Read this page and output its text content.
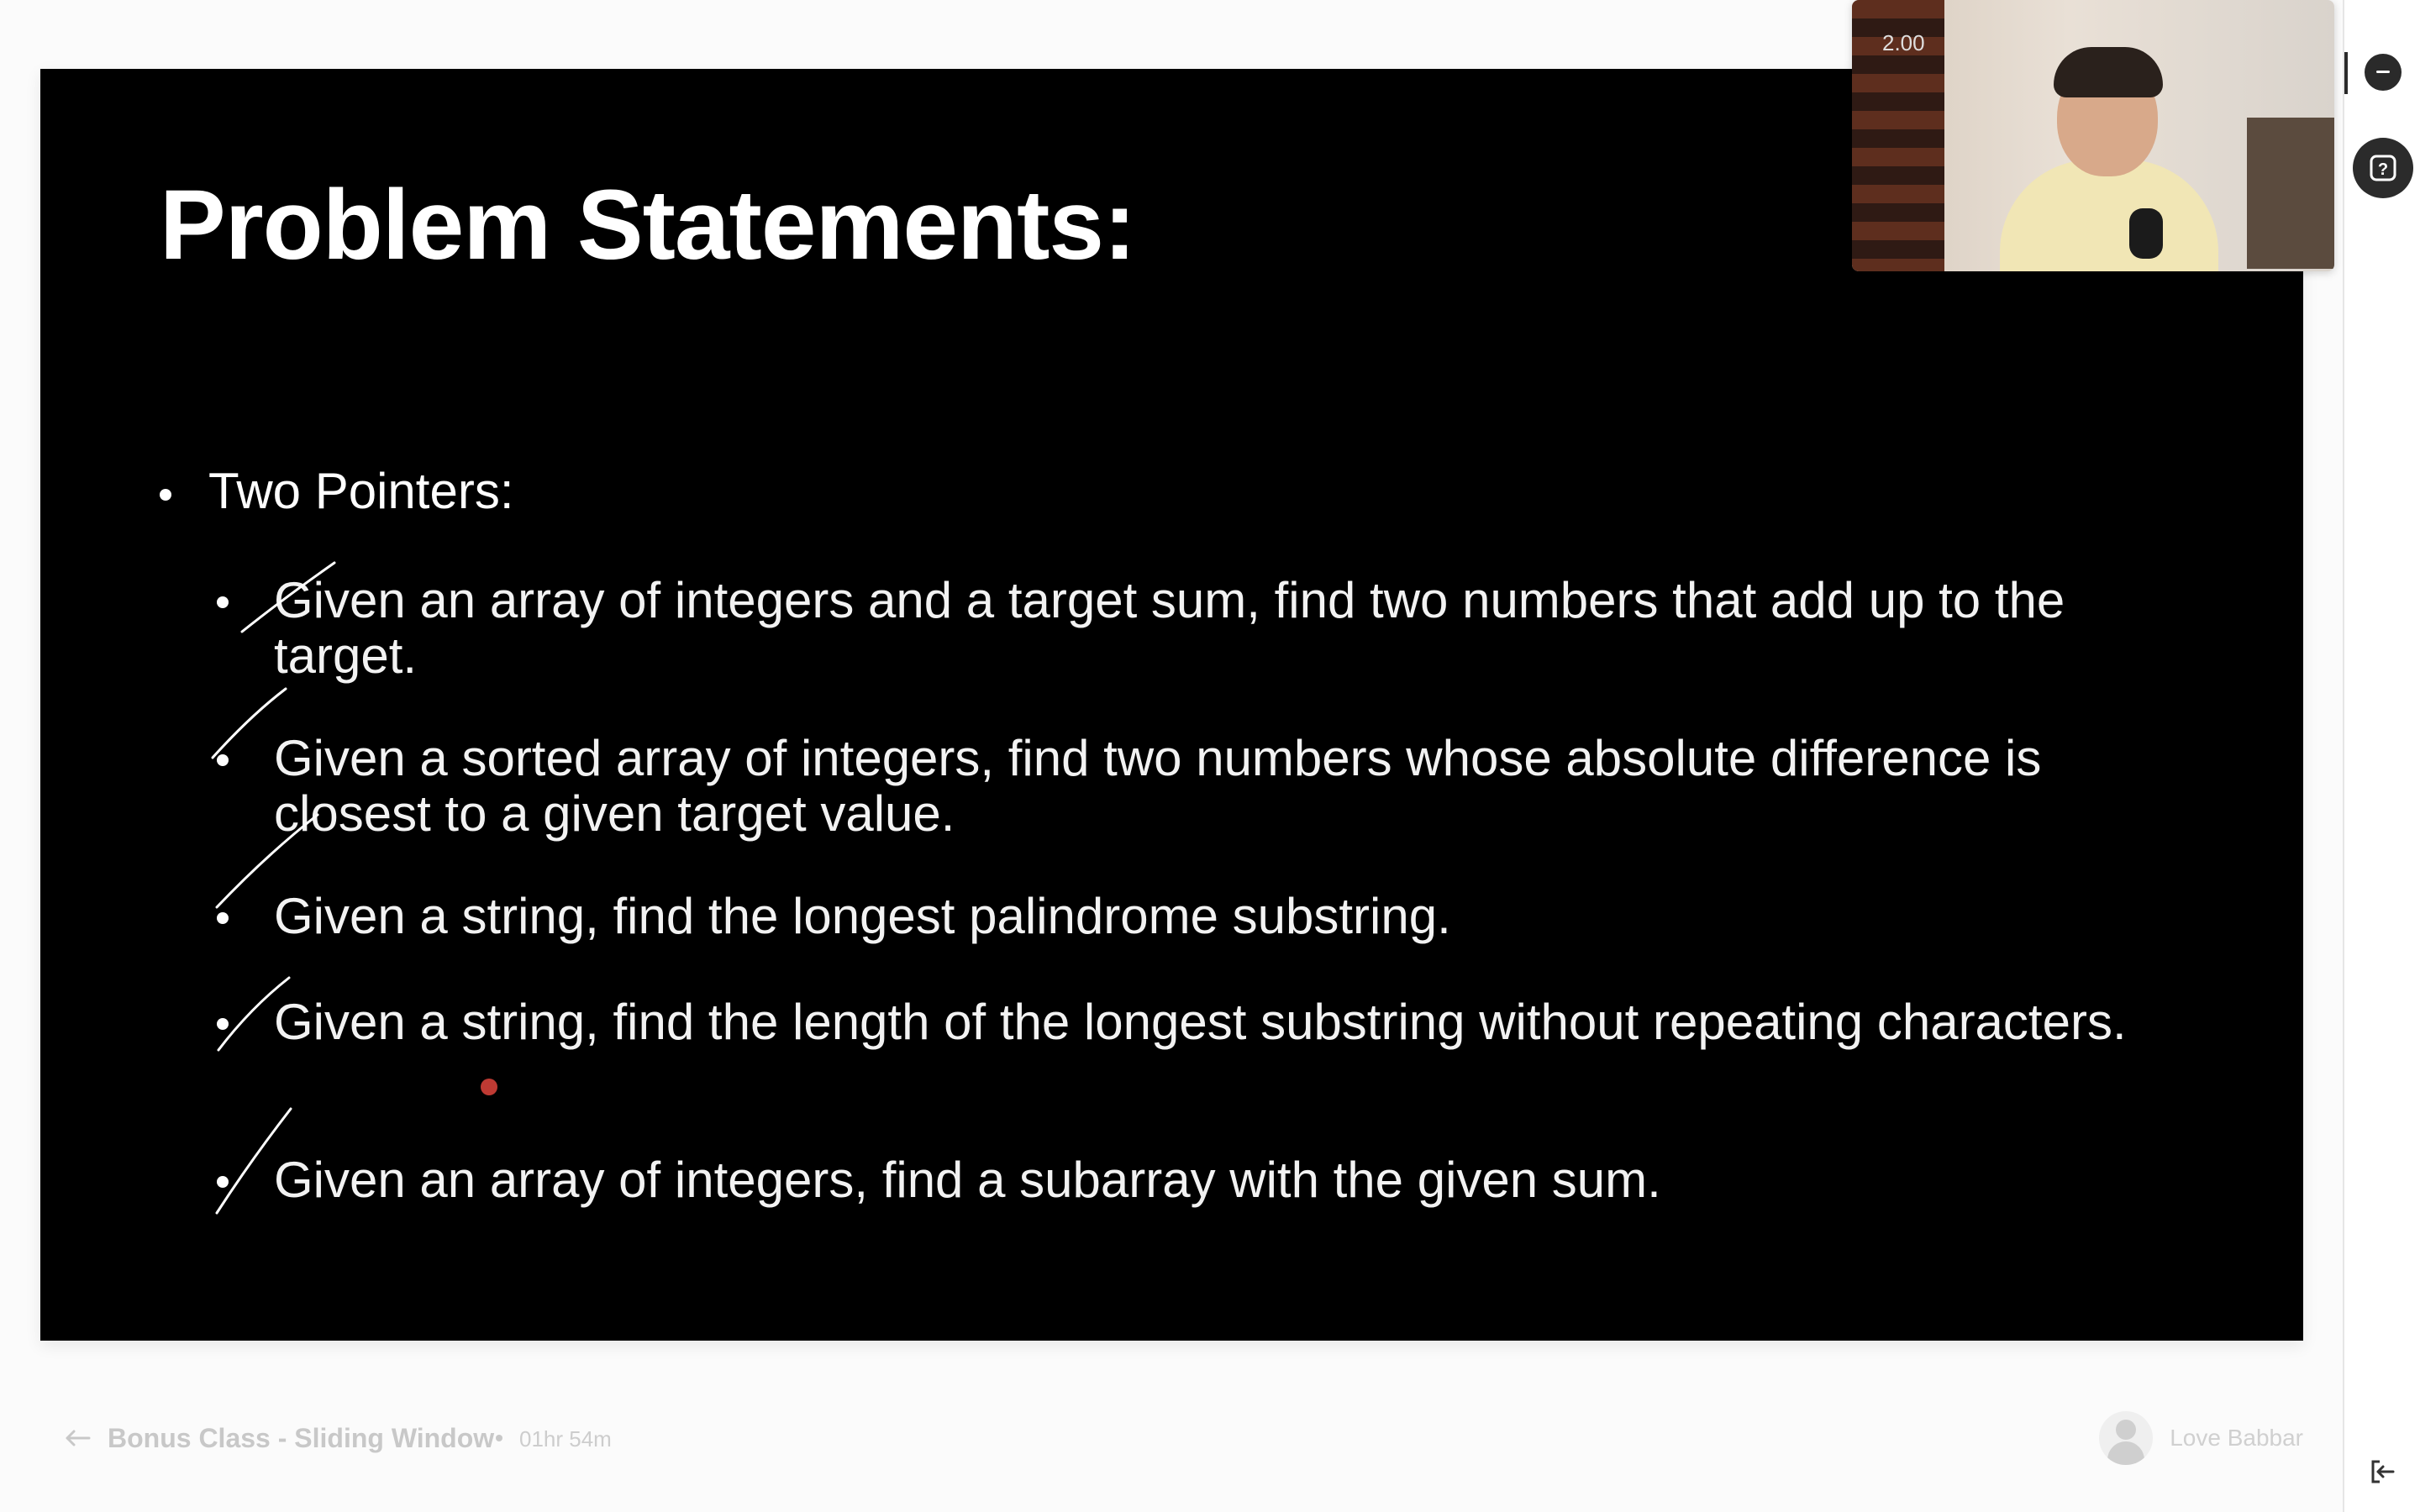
Problem Statements:
Two Pointers:
Given an array of integers and a target sum, find two numbers that add up to the target.
Given a sorted array of integers, find two numbers whose absolute difference is closest to a given target value.
Given a string, find the longest palindrome substring.
Given a string, find the length of the longest substring without repeating characters.
Given an array of integers, find a subarray with the given sum.
2.00
?
Bonus Class - Sliding Window 01hr 54m	Love Babbar
